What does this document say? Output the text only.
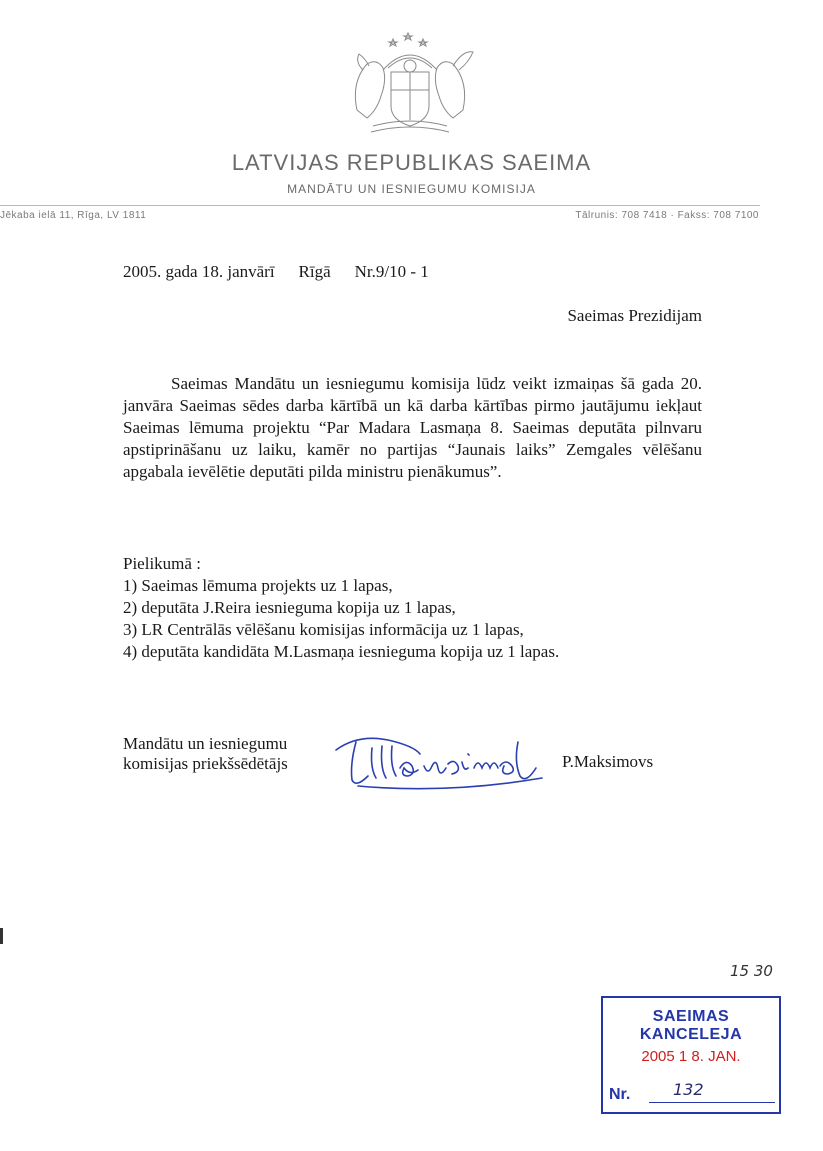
LATVIJAS REPUBLIKAS SAEIMA
MANDĀTU UN IESNIEGUMU KOMISIJA
Jēkaba ielā 11, Rīga, LV 1811	Tālrunis: 708 7418 · Fakss: 708 7100
2005. gada 18. janvārī Rīgā Nr.9/10 - 1
Saeimas Prezidijam

Saeimas Mandātu un iesniegumu komisija lūdz veikt izmaiņas šā gada 20. janvāra Saeimas sēdes darba kārtībā un kā darba kārtības pirmo jautājumu iekļaut Saeimas lēmuma projektu “Par Madara Lasmaņa 8. Saeimas deputāta pilnvaru apstiprināšanu uz laiku, kamēr no partijas “Jaunais laiks” Zemgales vēlēšanu apgabala ievēlētie deputāti pilda ministru pienākumus”.

Pielikumā :
1) Saeimas lēmuma projekts uz 1 lapas,
2) deputāta J.Reira iesnieguma kopija uz 1 lapas,
3) LR Centrālās vēlēšanu komisijas informācija uz 1 lapas,
4) deputāta kandidāta M.Lasmaņa iesnieguma kopija uz 1 lapas.
Mandātu un iesniegumu
komisijas priekšsēdētājs	P.Maksimovs
15 30
SAEIMAS KANCELEJA
2005 1 8. JAN.
Nr.	132
